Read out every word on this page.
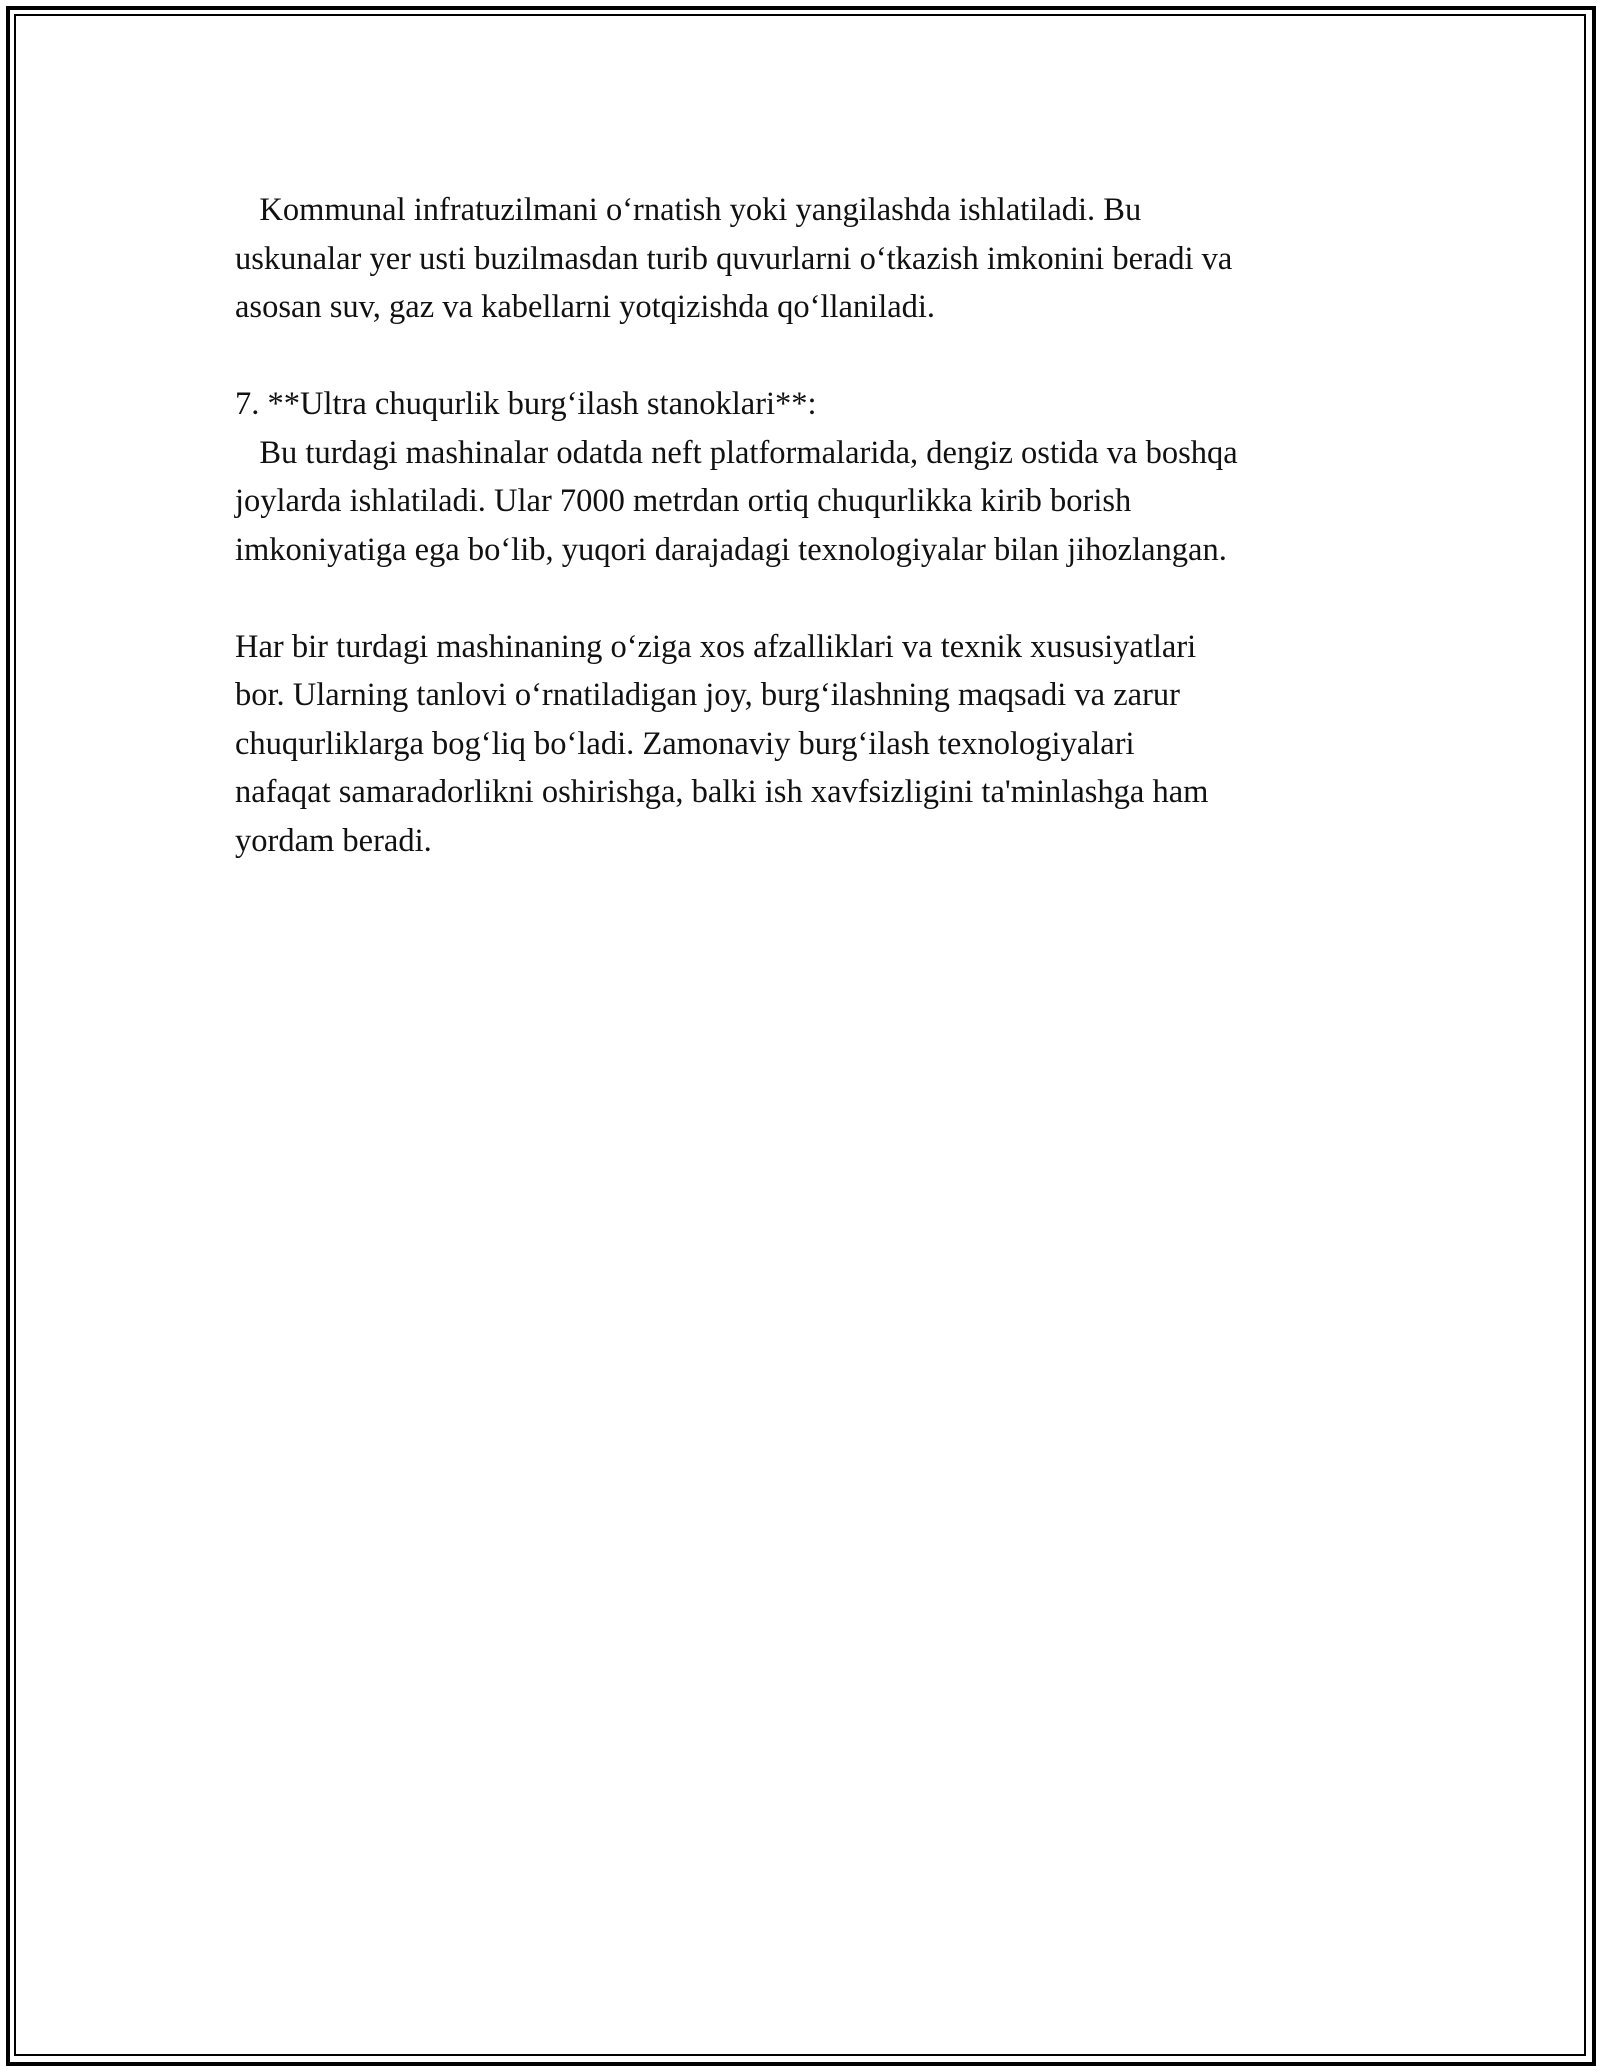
Kommunal infratuzilmani o‘rnatish yoki yangilashda ishlatiladi. Bu
uskunalar yer usti buzilmasdan turib quvurlarni o‘tkazish imkonini beradi va
asosan suv, gaz va kabellarni yotqizishda qo‘llaniladi.
7. **Ultra chuqurlik burg‘ilash stanoklari**:
Bu turdagi mashinalar odatda neft platformalarida, dengiz ostida va boshqa
joylarda ishlatiladi. Ular 7000 metrdan ortiq chuqurlikka kirib borish
imkoniyatiga ega bo‘lib, yuqori darajadagi texnologiyalar bilan jihozlangan.
Har bir turdagi mashinaning o‘ziga xos afzalliklari va texnik xususiyatlari
bor. Ularning tanlovi o‘rnatiladigan joy, burg‘ilashning maqsadi va zarur
chuqurliklarga bog‘liq bo‘ladi. Zamonaviy burg‘ilash texnologiyalari
nafaqat samaradorlikni oshirishga, balki ish xavfsizligini ta'minlashga ham
yordam beradi.
